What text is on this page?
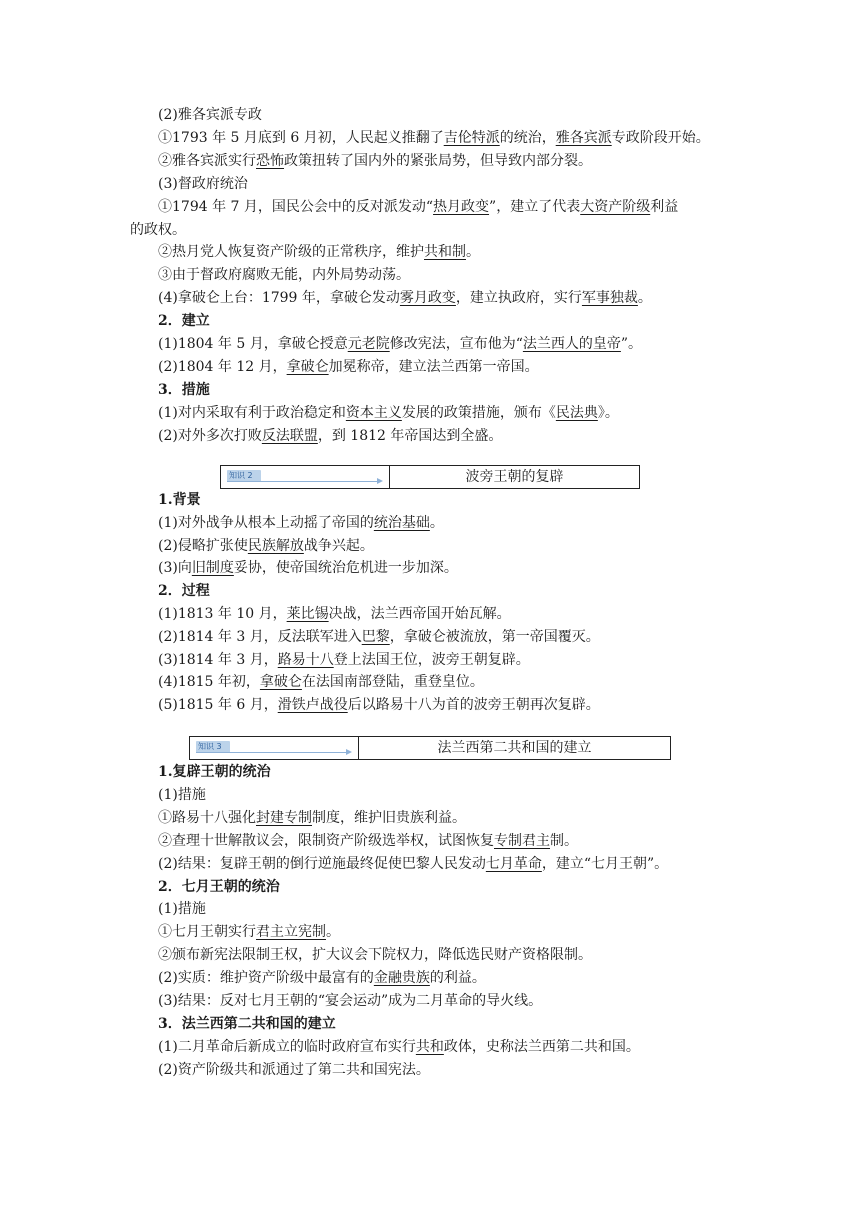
(2)雅各宾派专政
①1793 年 5 月底到 6 月初，人民起义推翻了吉伦特派的统治，雅各宾派专政阶段开始。
②雅各宾派实行恐怖政策扭转了国内外的紧张局势，但导致内部分裂。
(3)督政府统治
①1794 年 7 月，国民公会中的反对派发动“热月政变”，建立了代表大资产阶级利益
的政权。
②热月党人恢复资产阶级的正常秩序，维护共和制。
③由于督政府腐败无能，内外局势动荡。
(4)拿破仑上台：1799 年，拿破仑发动雾月政变，建立执政府，实行军事独裁。
2．建立
(1)1804 年 5 月，拿破仑授意元老院修改宪法，宣布他为“法兰西人的皇帝”。
(2)1804 年 12 月，拿破仑加冕称帝，建立法兰西第一帝国。
3．措施
(1)对内采取有利于政治稳定和资本主义发展的政策措施，颁布《民法典》。
(2)对外多次打败反法联盟，到 1812 年帝国达到全盛。
知识 2	波旁王朝的复辟
1.背景
(1)对外战争从根本上动摇了帝国的统治基础。
(2)侵略扩张使民族解放战争兴起。
(3)向旧制度妥协，使帝国统治危机进一步加深。
2．过程
(1)1813 年 10 月，莱比锡决战，法兰西帝国开始瓦解。
(2)1814 年 3 月，反法联军进入巴黎，拿破仑被流放，第一帝国覆灭。
(3)1814 年 3 月，路易十八登上法国王位，波旁王朝复辟。
(4)1815 年初，拿破仑在法国南部登陆，重登皇位。
(5)1815 年 6 月，滑铁卢战役后以路易十八为首的波旁王朝再次复辟。
知识 3	法兰西第二共和国的建立
1.复辟王朝的统治
(1)措施
①路易十八强化封建专制制度，维护旧贵族利益。
②查理十世解散议会，限制资产阶级选举权，试图恢复专制君主制。
(2)结果：复辟王朝的倒行逆施最终促使巴黎人民发动七月革命，建立“七月王朝”。
2．七月王朝的统治
(1)措施
①七月王朝实行君主立宪制。
②颁布新宪法限制王权，扩大议会下院权力，降低选民财产资格限制。
(2)实质：维护资产阶级中最富有的金融贵族的利益。
(3)结果：反对七月王朝的“宴会运动”成为二月革命的导火线。
3．法兰西第二共和国的建立
(1)二月革命后新成立的临时政府宣布实行共和政体，史称法兰西第二共和国。
(2)资产阶级共和派通过了第二共和国宪法。
